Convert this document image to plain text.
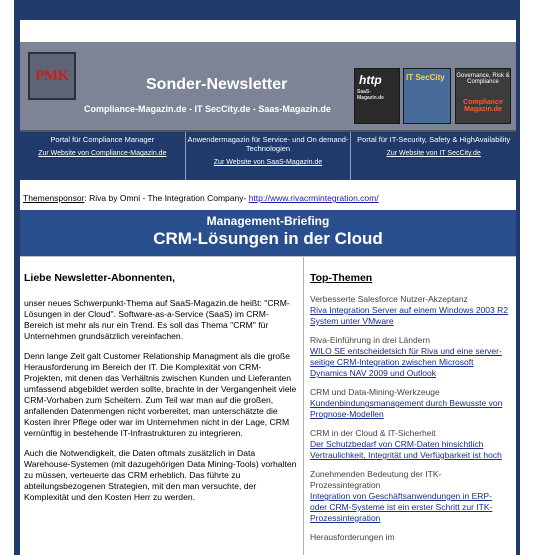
PMK
Sonder-Newsletter
Compliance-Magazin.de - IT SecCity.de - Saas-Magazin.de
http
SaaS-Magazin.de
IT SecCity	Governance, Risk & Compliance
Compliance Magazin.de
Portal für Compliance Manager
Zur Website von Compliance-Magazin.de
Anwendermagazin für Service- und On demand-Technologien
Zur Website von SaaS-Magazin.de
Portal für IT-Security, Safety & HighAvailability
Zur Website von IT SecCity.de
Themensponsor: Riva by Omni - The Integration Company- http://www.rivacrmintegration.com/
Management-Briefing
CRM-Lösungen in der Cloud
Liebe Newsletter-Abonnenten,

unser neues Schwerpunkt-Thema auf SaaS-Magazin.de heißt: "CRM-Lösungen in der Cloud". Software-as-a-Service (SaaS) im CRM-Bereich ist mehr als nur ein Trend. Es soll das Thema "CRM" für Unternehmen grundsätzlich vereinfachen.

Denn lange Zeit galt Customer Relationship Managment als die große Herausforderung im Bereich der IT. Die Komplexität von CRM-Projekten, mit denen das Verhältnis zwischen Kunden und Lieferanten umfassend abgebildet werden sollte, brachte in der Vergangenheit viele CRM-Vorhaben zum Scheitern. Zum Teil war man auf die großen, anfallenden Datenmengen nicht vorbereitet, man unterschätzte die Kosten ihrer Pflege oder war im Unternehmen nicht in der Lage, CRM vernünftig in bestehende IT-Infrastrukturen zu integrieren.

Auch die Notwendigkeit, die Daten oftmals zusätzlich in Data Warehouse-Systemen (mit dazugehörigen Data Mining-Tools) vorhalten zu müssen, verteuerte das CRM erheblich. Das führte zu abteilungsbezogenen Strategien, mit den man versuchte, der Komplexität und den Kosten Herr zu werden.

Top-Themen
Verbesserte Salesforce Nutzer-Akzeptanz
Riva Integration Server auf einem Windows 2003 R2 System unter VMware
Riva-Einführung in drei Ländern
WILO SE entscheidetsich für Riva und eine server-seitige CRM-Integration zwischen Microsoft Dynamics NAV 2009 und Outlook
CRM und Data-Mining-Werkzeuge
Kundenbindungsmanagement durch Bewusste von Prognose-Modellen
CRM in der Cloud & IT-Sicherheit
Der Schutzbedarf von CRM-Daten hinsichtlich Vertraulichkeit, Integrität und Verfügbarkeit ist hoch
Zunehmenden Bedeutung der ITK-Prozessintegration
Integration von Geschäftsanwendungen in ERP- oder CRM-Systeme ist ein erster Schritt zur ITK-Prozessintegration
Herausforderungen im
